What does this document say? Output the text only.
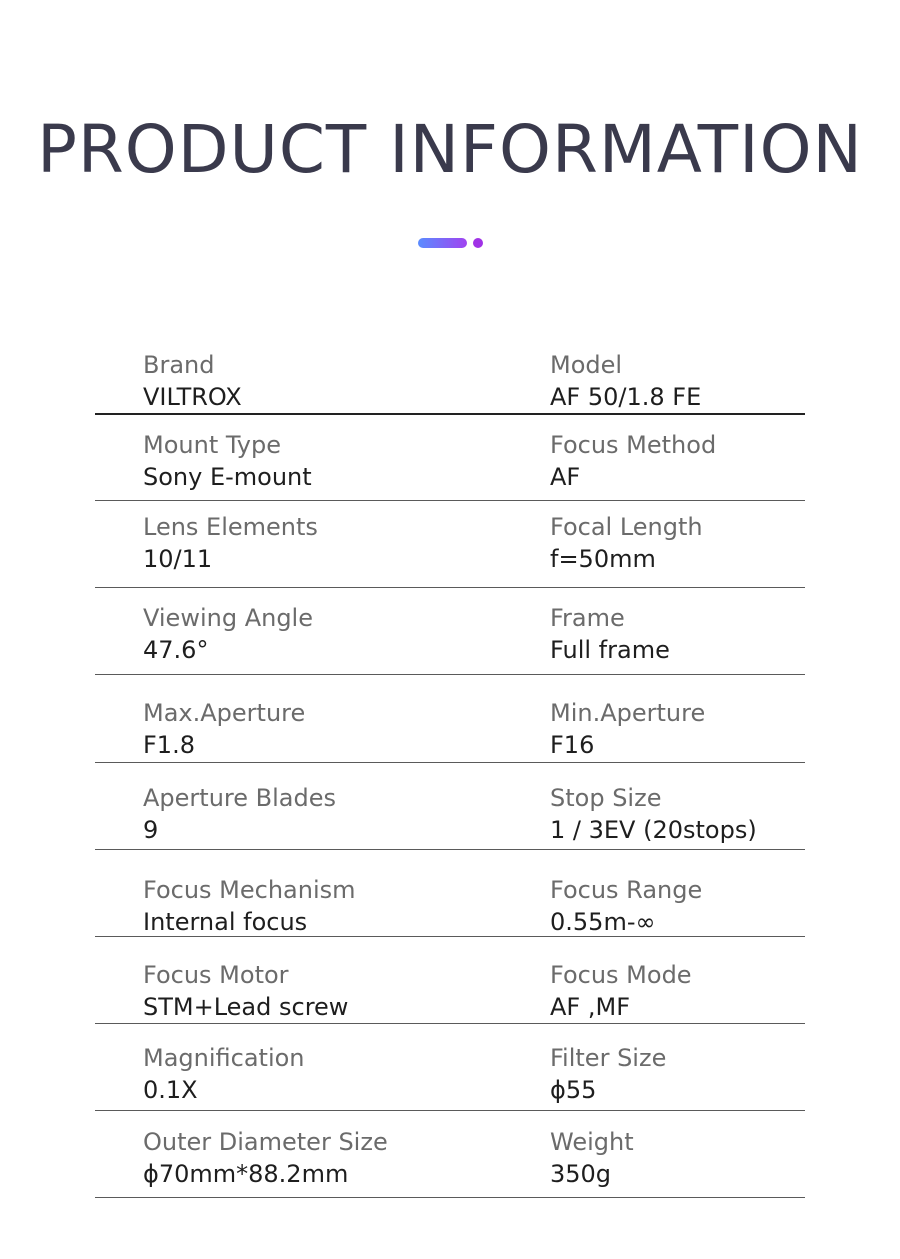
PRODUCT INFORMATION
Brand
VILTROX
Model
AF 50/1.8 FE
Mount Type
Sony E-mount
Focus Method
AF
Lens Elements
10/11
Focal Length
f=50mm
Viewing Angle
47.6°
Frame
Full frame
Max.Aperture
F1.8
Min.Aperture
F16
Aperture Blades
9
Stop Size
1 / 3EV (20stops)
Focus Mechanism
Internal focus
Focus Range
0.55m-∞
Focus Motor
STM+Lead screw
Focus Mode
AF ,MF
Magnification
0.1X
Filter Size
ϕ55
Outer Diameter Size
ϕ70mm*88.2mm
Weight
350g
